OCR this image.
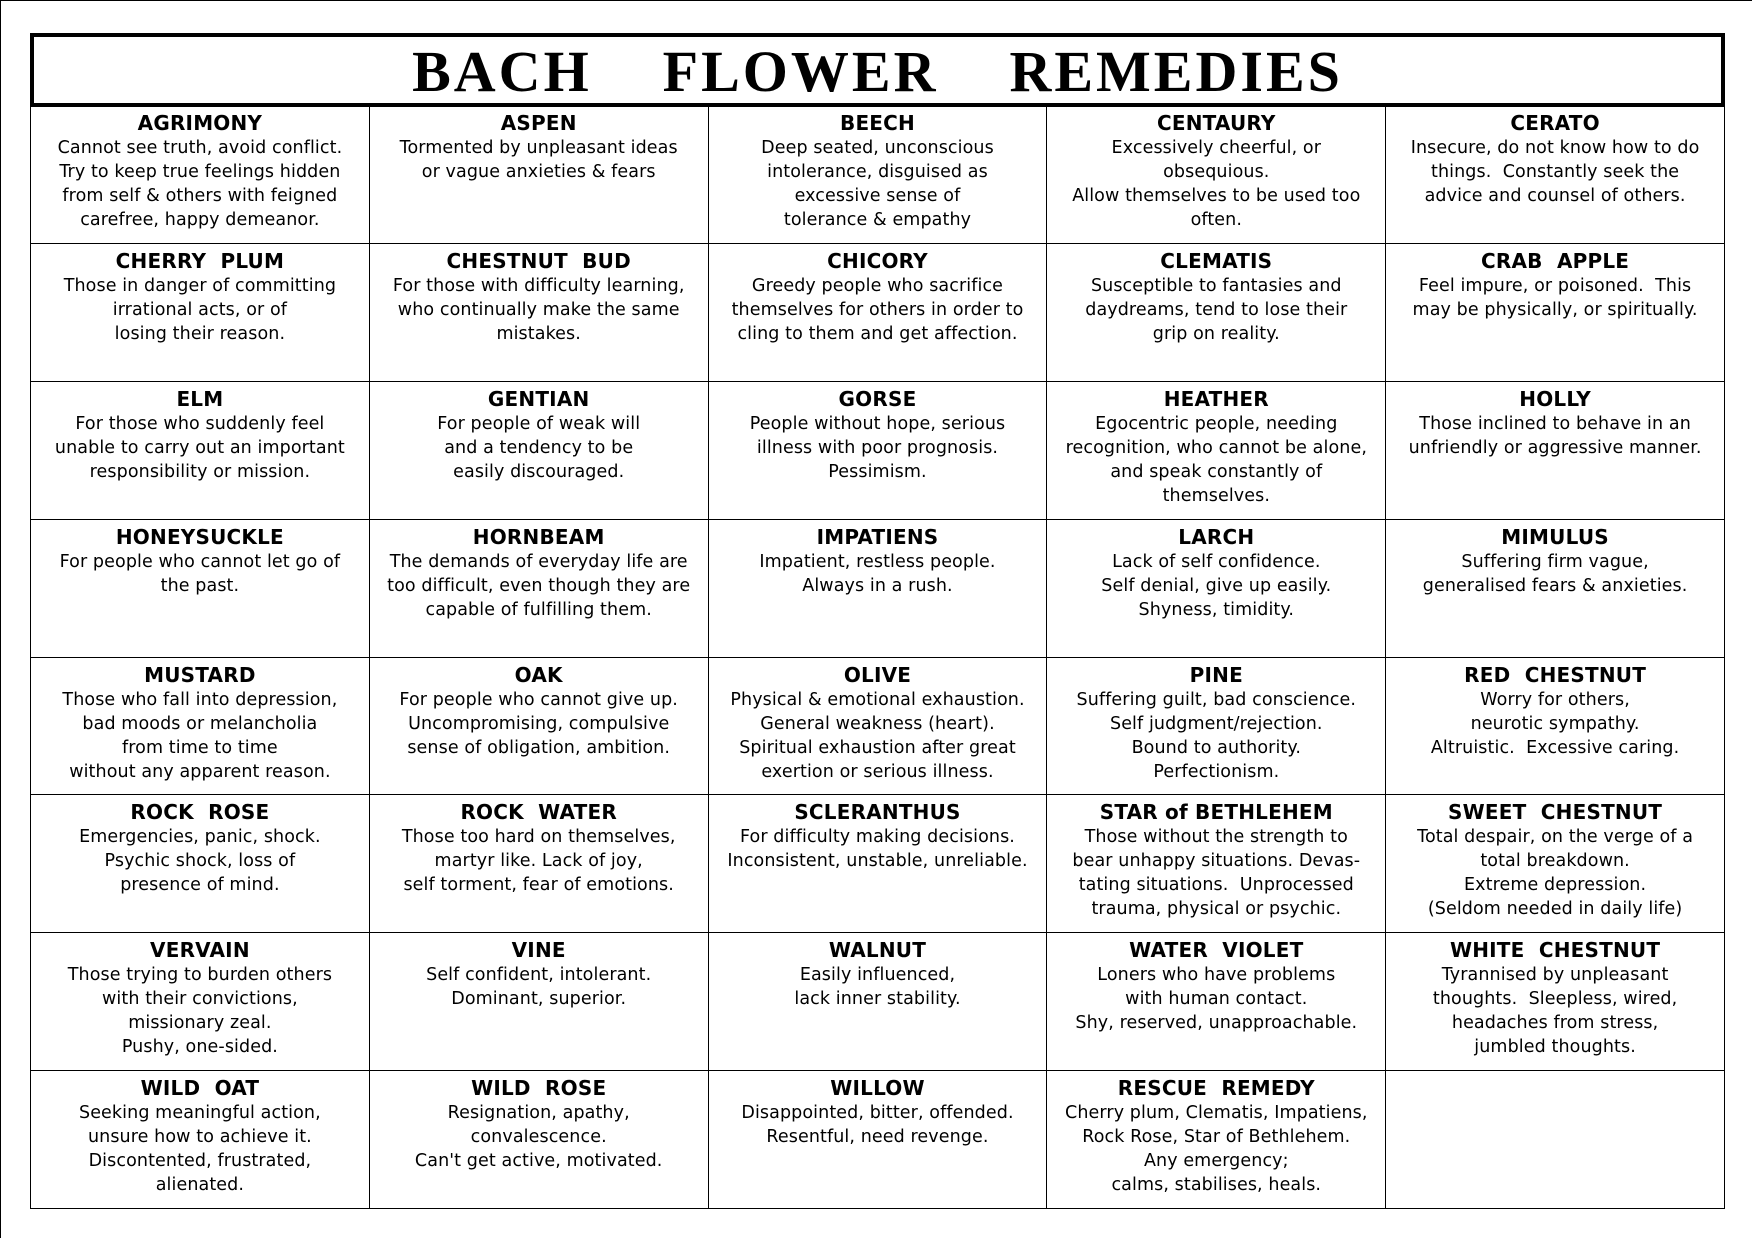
BACH  FLOWER  REMEDIES
AGRIMONY
Cannot see truth, avoid conflict.
Try to keep true feelings hidden
from self & others with feigned
carefree, happy demeanor.
ASPEN
Tormented by unpleasant ideas
or vague anxieties & fears
BEECH
Deep seated, unconscious
intolerance, disguised as
excessive sense of
tolerance & empathy
CENTAURY
Excessively cheerful, or
obsequious.
Allow themselves to be used too
often.
CERATO
Insecure, do not know how to do
things.  Constantly seek the
advice and counsel of others.
CHERRY  PLUM
Those in danger of committing
irrational acts, or of
losing their reason.
CHESTNUT  BUD
For those with difficulty learning,
who continually make the same
mistakes.
CHICORY
Greedy people who sacrifice
themselves for others in order to
cling to them and get affection.
CLEMATIS
Susceptible to fantasies and
daydreams, tend to lose their
grip on reality.
CRAB  APPLE
Feel impure, or poisoned.  This
may be physically, or spiritually.
ELM
For those who suddenly feel
unable to carry out an important
responsibility or mission.
GENTIAN
For people of weak will
and a tendency to be
easily discouraged.
GORSE
People without hope, serious
illness with poor prognosis.
Pessimism.
HEATHER
Egocentric people, needing
recognition, who cannot be alone,
and speak constantly of
themselves.
HOLLY
Those inclined to behave in an
unfriendly or aggressive manner.
HONEYSUCKLE
For people who cannot let go of
the past.
HORNBEAM
The demands of everyday life are
too difficult, even though they are
capable of fulfilling them.
IMPATIENS
Impatient, restless people.
Always in a rush.
LARCH
Lack of self confidence.
Self denial, give up easily.
Shyness, timidity.
MIMULUS
Suffering firm vague,
generalised fears & anxieties.
MUSTARD
Those who fall into depression,
bad moods or melancholia
from time to time
without any apparent reason.
OAK
For people who cannot give up.
Uncompromising, compulsive
sense of obligation, ambition.
OLIVE
Physical & emotional exhaustion.
General weakness (heart).
Spiritual exhaustion after great
exertion or serious illness.
PINE
Suffering guilt, bad conscience.
Self judgment/rejection.
Bound to authority.
Perfectionism.
RED  CHESTNUT
Worry for others,
neurotic sympathy.
Altruistic.  Excessive caring.
ROCK  ROSE
Emergencies, panic, shock.
Psychic shock, loss of
presence of mind.
ROCK  WATER
Those too hard on themselves,
martyr like. Lack of joy,
self torment, fear of emotions.
SCLERANTHUS
For difficulty making decisions.
Inconsistent, unstable, unreliable.
STAR of BETHLEHEM
Those without the strength to
bear unhappy situations. Devas-
tating situations.  Unprocessed
trauma, physical or psychic.
SWEET  CHESTNUT
Total despair, on the verge of a
total breakdown.
Extreme depression.
(Seldom needed in daily life)
VERVAIN
Those trying to burden others
with their convictions,
missionary zeal.
Pushy, one-sided.
VINE
Self confident, intolerant.
Dominant, superior.
WALNUT
Easily influenced,
lack inner stability.
WATER  VIOLET
Loners who have problems
with human contact.
Shy, reserved, unapproachable.
WHITE  CHESTNUT
Tyrannised by unpleasant
thoughts.  Sleepless, wired,
headaches from stress,
jumbled thoughts.
WILD  OAT
Seeking meaningful action,
unsure how to achieve it.
Discontented, frustrated,
alienated.
WILD  ROSE
Resignation, apathy,
convalescence.
Can't get active, motivated.
WILLOW
Disappointed, bitter, offended.
Resentful, need revenge.
RESCUE  REMEDY
Cherry plum, Clematis, Impatiens,
Rock Rose, Star of Bethlehem.
Any emergency;
calms, stabilises, heals.
